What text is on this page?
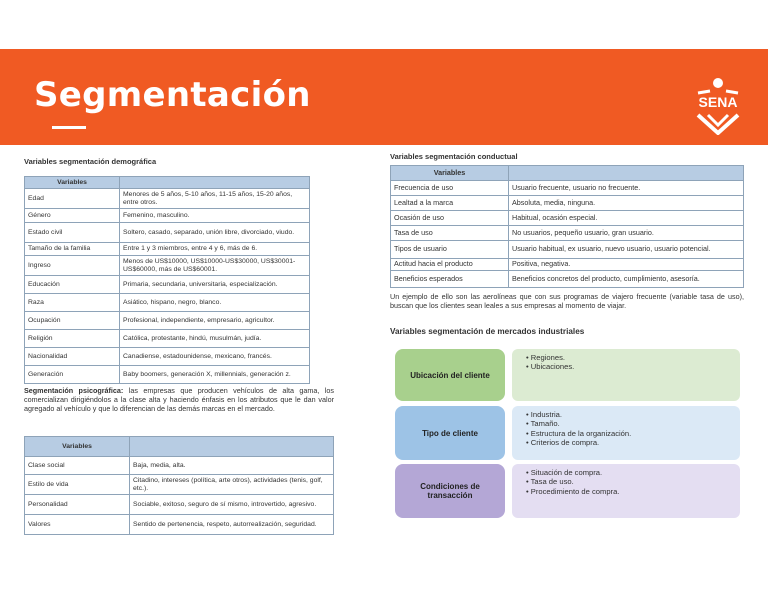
Segmentación	SENA
Variables segmentación demográfica
Variables	
Edad	Menores de 5 años, 5-10 años, 11-15 años, 15-20 años, entre otros.
Género	Femenino, masculino.
Estado civil	Soltero, casado, separado, unión libre, divorciado, viudo.
Tamaño de la familia	Entre 1 y 3 miembros, entre 4 y 6, más de 6.
Ingreso	Menos de US$10000, US$10000-US$30000, US$30001-US$60000, más de US$60001.
Educación	Primaria, secundaria, universitaria, especialización.
Raza	Asiático, hispano, negro, blanco.
Ocupación	Profesional, independiente, empresario, agricultor.
Religión	Católica, protestante, hindú, musulmán, judía.
Nacionalidad	Canadiense, estadounidense, mexicano, francés.
Generación	Baby boomers, generación X, millennials, generación z.
Segmentación psicográfica: las empresas que producen vehículos de alta gama, los comercializan dirigiéndolos a la clase alta y haciendo énfasis en los atributos que le dan valor agregado al vehículo y que lo diferencian de las demás marcas en el mercado.
Variables	
Clase social	Baja, media, alta.
Estilo de vida	Citadino, intereses (política, arte otros), actividades (tenis, golf, etc.).
Personalidad	Sociable, exitoso, seguro de sí mismo, introvertido, agresivo.
Valores	Sentido de pertenencia, respeto, autorrealización, seguridad.
Variables segmentación conductual
Variables	
Frecuencia de uso	Usuario frecuente, usuario no frecuente.
Lealtad a la marca	Absoluta, media, ninguna.
Ocasión de uso	Habitual, ocasión especial.
Tasa de uso	No usuarios, pequeño usuario, gran usuario.
Tipos de usuario	Usuario habitual, ex usuario, nuevo usuario, usuario potencial.
Actitud hacia el producto	Positiva, negativa.
Beneficios esperados	Beneficios concretos del producto, cumplimiento, asesoría.
Un ejemplo de ello son las aerolíneas que con sus programas de viajero frecuente (variable tasa de uso), buscan que los clientes sean leales a sus empresas al momento de viajar.
Variables segmentación de mercados industriales
Ubicación del cliente
• Regiones.
• Ubicaciones.
Tipo de cliente
• Industria.
• Tamaño.
• Estructura de la organización.
• Criterios de compra.
Condiciones de transacción
• Situación de compra.
• Tasa de uso.
• Procedimiento de compra.
